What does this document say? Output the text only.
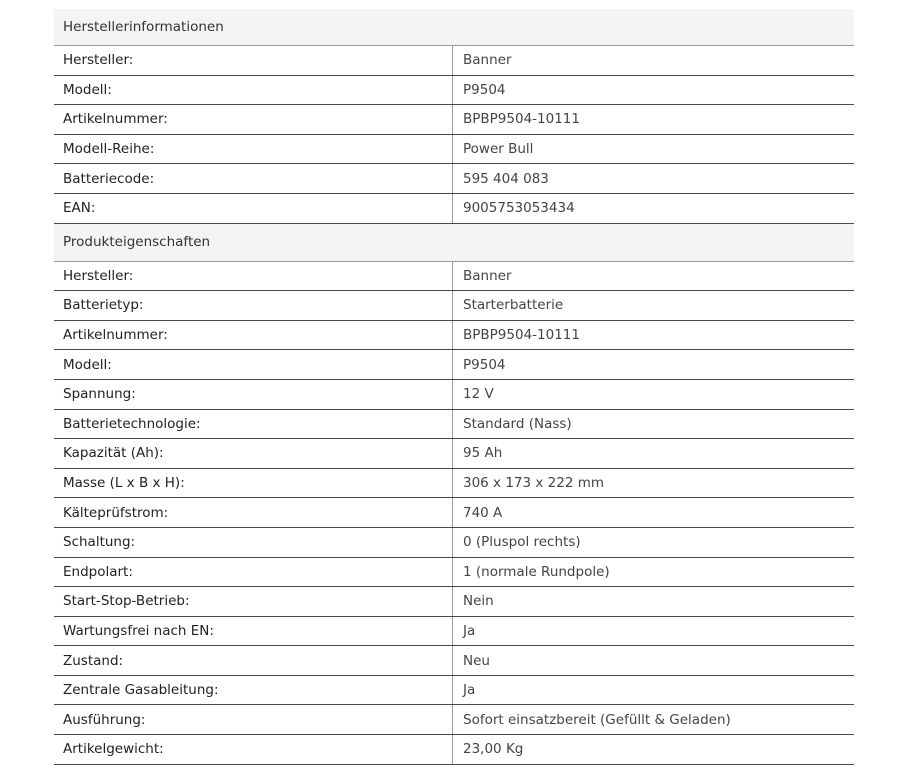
Herstellerinformationen
Hersteller:	Banner
Modell:	P9504
Artikelnummer:	BPBP9504-10111
Modell-Reihe:	Power Bull
Batteriecode:	595 404 083
EAN:	9005753053434
Produkteigenschaften
Hersteller:	Banner
Batterietyp:	Starterbatterie
Artikelnummer:	BPBP9504-10111
Modell:	P9504
Spannung:	12 V
Batterietechnologie:	Standard (Nass)
Kapazität (Ah):	95 Ah
Masse (L x B x H):	306 x 173 x 222 mm
Kälteprüfstrom:	740 A
Schaltung:	0 (Pluspol rechts)
Endpolart:	1 (normale Rundpole)
Start-Stop-Betrieb:	Nein
Wartungsfrei nach EN:	Ja
Zustand:	Neu
Zentrale Gasableitung:	Ja
Ausführung:	Sofort einsatzbereit (Gefüllt & Geladen)
Artikelgewicht:	23,00 Kg
